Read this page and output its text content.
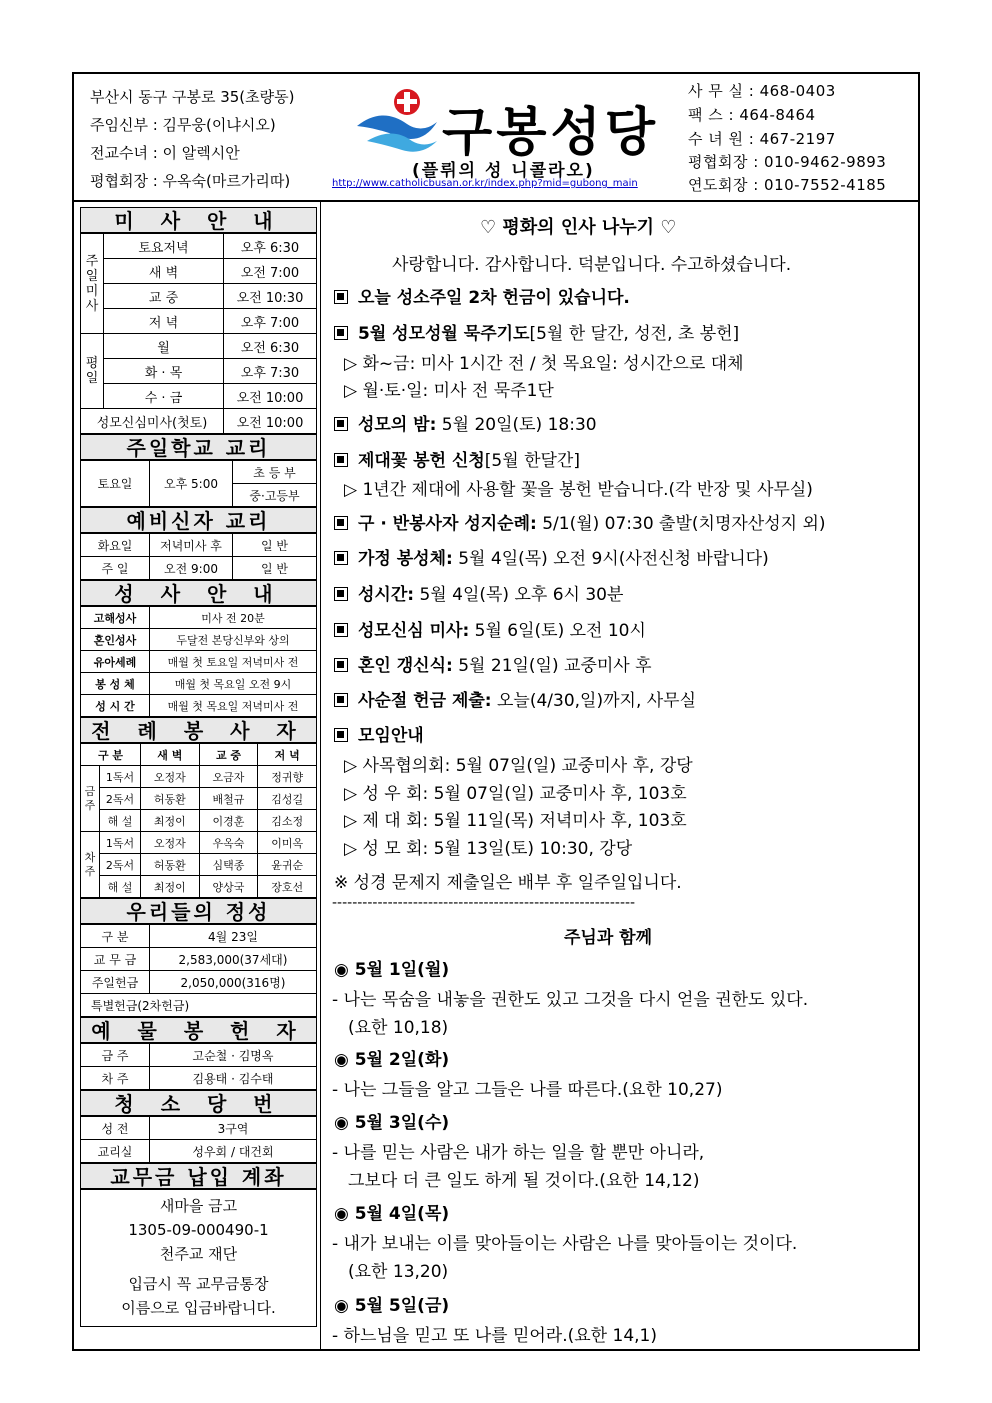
부산시 동구 구봉로 35(초량동)
주임신부 : 김무웅(이냐시오)
전교수녀 : 이 알렉시안
평협회장 : 우옥숙(마르가리따)
구봉성당
(플뤼의 성 니콜라오)
http://www.catholicbusan.or.kr/index.php?mid=gubong_main
사 무 실 : 468-0403
팩 스 : 464-8464
수 녀 원 : 467-2197
평협회장 : 010-9462-9893
연도회장 : 010-7552-4185
미 사 안 내
주일미사	토요저녁	오후 6:30
	새 벽	오전 7:00
	교 중	오전 10:30
	저 녁	오후 7:00
평일	월	오전 6:30
	화 · 목	오후 7:30
	수 · 금	오전 10:00
성모신심미사(첫토)		오전 10:00
주일학교 교리
토요일	오후 5:00	초 등 부
중·고등부
예비신자 교리
화요일	저녁미사 후	일 반
주 일	오전 9:00	일 반
성 사 안 내
고해성사	미사 전 20분
혼인성사	두달전 본당신부와 상의
유아세례	매월 첫 토요일 저녁미사 전
봉 성 체	매월 첫 목요일 오전 9시
성 시 간	매월 첫 목요일 저녁미사 전
전 례 봉 사 자
구 분		새 벽	교 중	저 녁
금주	1독서	오정자	오금자	정귀향
	2독서	허동환	배철규	김성길
	해 설	최정이	이경훈	김소정
차주	1독서	오정자	우옥숙	이미옥
	2독서	허동환	심택종	윤귀순
	해 설	최정이	양상국	장호선
우리들의 정성
구 분	4월 23일
교 무 금	2,583,000(37세대)
주일헌금	2,050,000(316명)
특별헌금(2차헌금)	
예 물 봉 헌 자
금 주	고순철 · 김명옥
차 주	김용태 · 김수태
청 소 당 번
성 전	3구역
교리실	성우회 / 대건회
교무금 납입 계좌
새마을 금고
1305-09-000490-1
천주교 재단
입금시 꼭 교무금통장
이름으로 입금바랍니다.
♡ 평화의 인사 나누기 ♡
사랑합니다. 감사합니다. 덕분입니다. 수고하셨습니다.
오늘 성소주일 2차 헌금이 있습니다.
5월 성모성월 묵주기도[5월 한 달간, 성전, 초 봉헌]
▷ 화~금: 미사 1시간 전 / 첫 목요일: 성시간으로 대체
▷ 월·토·일: 미사 전 묵주1단
성모의 밤: 5월 20일(토) 18:30
제대꽃 봉헌 신청[5월 한달간]
▷ 1년간 제대에 사용할 꽃을 봉헌 받습니다.(각 반장 및 사무실)
구 · 반봉사자 성지순례: 5/1(월) 07:30 출발(치명자산성지 외)
가정 봉성체: 5월 4일(목) 오전 9시(사전신청 바랍니다)
성시간: 5월 4일(목) 오후 6시 30분
성모신심 미사: 5월 6일(토) 오전 10시
혼인 갱신식: 5월 21일(일) 교중미사 후
사순절 헌금 제출: 오늘(4/30,일)까지, 사무실
모임안내
▷ 사목협의회: 5월 07일(일) 교중미사 후, 강당
▷ 성 우 회: 5월 07일(일) 교중미사 후, 103호
▷ 제 대 회: 5월 11일(목) 저녁미사 후, 103호
▷ 성 모 회: 5월 13일(토) 10:30, 강당
※ 성경 문제지 제출일은 배부 후 일주일입니다.
------------------------------------------------------------
주님과 함께
◉ 5월 1일(월)
- 나는 목숨을 내놓을 권한도 있고 그것을 다시 얻을 권한도 있다.
(요한 10,18)
◉ 5월 2일(화)
- 나는 그들을 알고 그들은 나를 따른다.(요한 10,27)
◉ 5월 3일(수)
- 나를 믿는 사람은 내가 하는 일을 할 뿐만 아니라,
그보다 더 큰 일도 하게 될 것이다.(요한 14,12)
◉ 5월 4일(목)
- 내가 보내는 이를 맞아들이는 사람은 나를 맞아들이는 것이다.
(요한 13,20)
◉ 5월 5일(금)
- 하느님을 믿고 또 나를 믿어라.(요한 14,1)
